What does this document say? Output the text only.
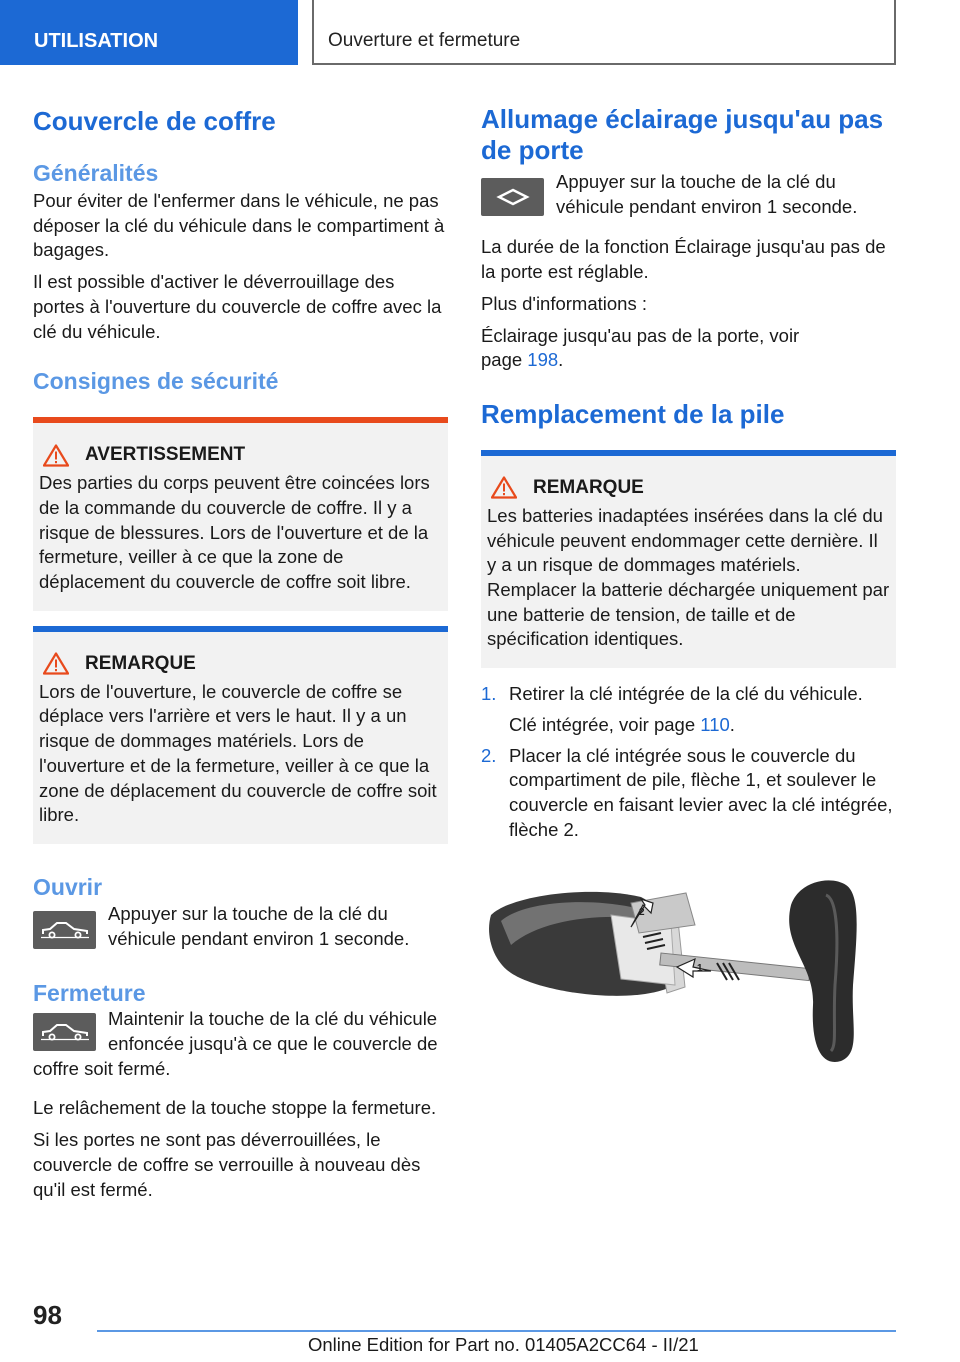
UTILISATION	Ouverture et fermeture
Couvercle de coffre
Généralités

Pour éviter de l'enfermer dans le véhicule, ne pas déposer la clé du véhicule dans le compartiment à bagages.

Il est possible d'activer le déverrouillage des portes à l'ouverture du couvercle de coffre avec la clé du véhicule.

Consignes de sécurité
AVERTISSEMENT

Des parties du corps peuvent être coincées lors de la commande du couvercle de coffre. Il y a risque de blessures. Lors de l'ouverture et de la fermeture, veiller à ce que la zone de déplacement du couvercle de coffre soit libre.

REMARQUE

Lors de l'ouverture, le couvercle de coffre se déplace vers l'arrière et vers le haut. Il y a un risque de dommages matériels. Lors de l'ouverture et de la fermeture, veiller à ce que la zone de déplacement du couvercle de coffre soit libre.

Ouvrir

Appuyer sur la touche de la clé du véhicule pendant environ 1 seconde.

Fermeture

Maintenir la touche de la clé du véhicule enfoncée jusqu'à ce que le couvercle de coffre soit fermé.

Le relâchement de la touche stoppe la fermeture.

Si les portes ne sont pas déverrouillées, le couvercle de coffre se verrouille à nouveau dès qu'il est fermé.

Allumage éclairage jusqu'au pas de porte

Appuyer sur la touche de la clé du véhicule pendant environ 1 seconde.

La durée de la fonction Éclairage jusqu'au pas de la porte est réglable.

Plus d'informations :

Éclairage jusqu'au pas de la porte, voir page 198.

Remplacement de la pile
REMARQUE

Les batteries inadaptées insérées dans la clé du véhicule peuvent endommager cette dernière. Il y a un risque de dommages matériels. Remplacer la batterie déchargée uniquement par une batterie de tension, de taille et de spécification identiques.

1. Retirer la clé intégrée de la clé du véhicule.

Clé intégrée, voir page 110.

2. Placer la clé intégrée sous le couvercle du compartiment de pile, flèche 1, et soulever le couvercle en faisant levier avec la clé intégrée, flèche 2.

1
2
98
Online Edition for Part no. 01405A2CC64 - II/21
